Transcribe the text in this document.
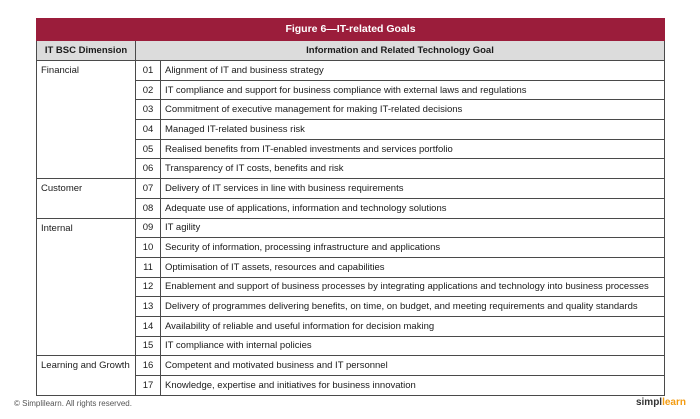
Figure 6—IT-related Goals		
IT BSC Dimension	Information and Related Technology Goal	
Financial	01	Alignment of IT and business strategy
	02	IT compliance and support for business compliance with external laws and regulations
	03	Commitment of executive management for making IT-related decisions
	04	Managed IT-related business risk
	05	Realised benefits from IT-enabled investments and services portfolio
	06	Transparency of IT costs, benefits and risk
Customer	07	Delivery of IT services in line with business requirements
	08	Adequate use of applications, information and technology solutions
Internal	09	IT agility
	10	Security of information, processing infrastructure and applications
	11	Optimisation of IT assets, resources and capabilities
	12	Enablement and support of business processes by integrating applications and technology into business processes
	13	Delivery of programmes delivering benefits, on time, on budget, and meeting requirements and quality standards
	14	Availability of reliable and useful information for decision making
	15	IT compliance with internal policies
Learning and Growth	16	Competent and motivated business and IT personnel
	17	Knowledge, expertise and initiatives for business innovation
© Simplilearn. All rights reserved.	simpllearn
